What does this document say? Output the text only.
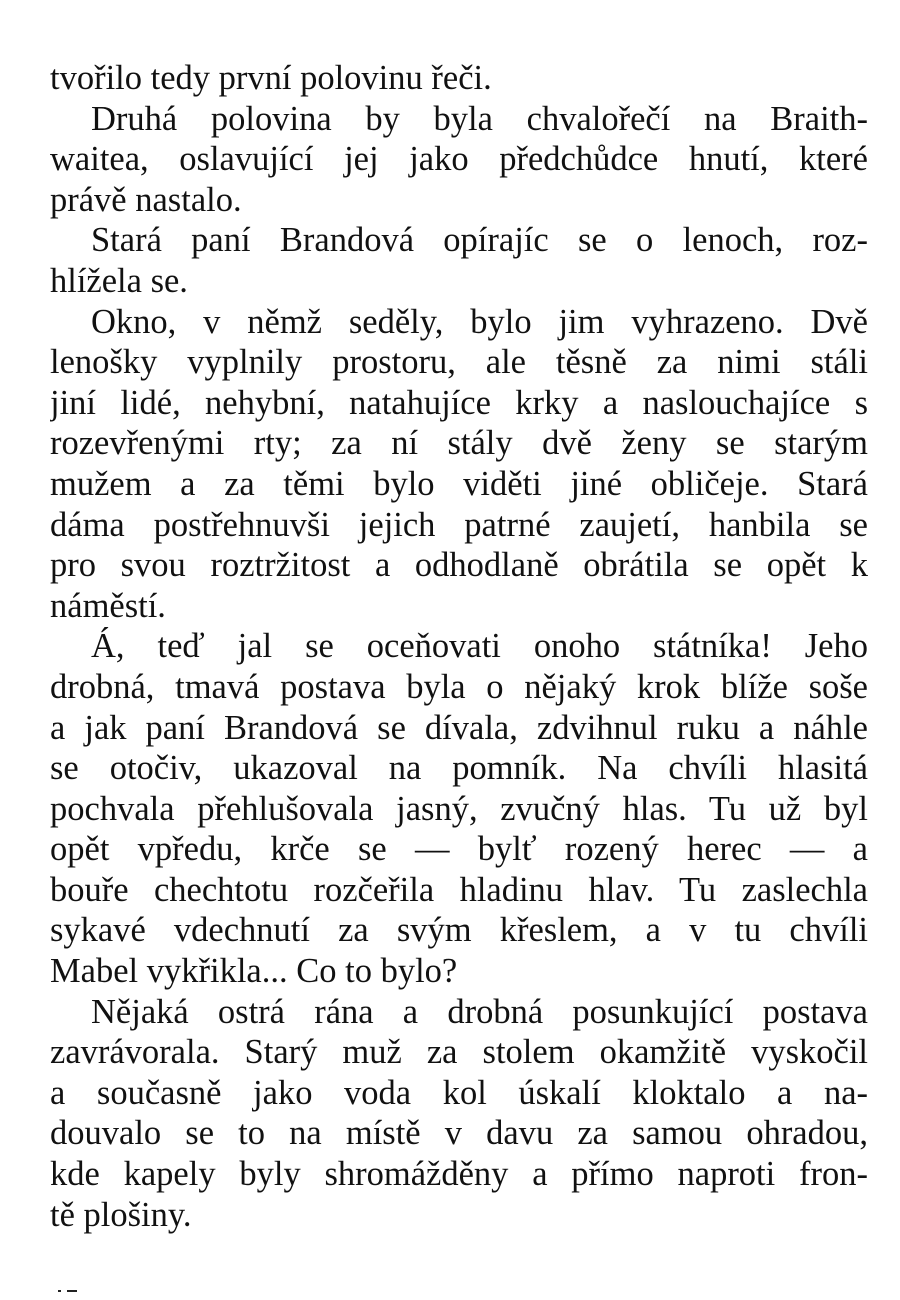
tvořilo tedy první polovinu řeči.
Druhá polovina by byla chvalořečí na Braith-
waitea, oslavující jej jako předchůdce hnutí, které
právě nastalo.
Stará paní Brandová opírajíc se o lenoch, roz-
hlížela se.
Okno, v němž seděly, bylo jim vyhrazeno. Dvě
lenošky vyplnily prostoru, ale těsně za nimi stáli
jiní lidé, nehybní, natahujíce krky a naslouchajíce s
rozevřenými rty; za ní stály dvě ženy se starým
mužem a za těmi bylo viděti jiné obličeje. Stará
dáma postřehnuvši jejich patrné zaujetí, hanbila se
pro svou roztržitost a odhodlaně obrátila se opět k
náměstí.
Á, teď jal se oceňovati onoho státníka! Jeho
drobná, tmavá postava byla o nějaký krok blíže soše
a jak paní Brandová se dívala, zdvihnul ruku a náhle
se otočiv, ukazoval na pomník. Na chvíli hlasitá
pochvala přehlušovala jasný, zvučný hlas. Tu už byl
opět vpředu, krče se — bylť rozený herec — a
bouře chechtotu rozčeřila hladinu hlav. Tu zaslechla
sykavé vdechnutí za svým křeslem, a v tu chvíli
Mabel vykřikla... Co to bylo?
Nějaká ostrá rána a drobná posunkující postava
zavrávorala. Starý muž za stolem okamžitě vyskočil
a současně jako voda kol úskalí kloktalo a na-
douvalo se to na místě v davu za samou ohradou,
kde kapely byly shromážděny a přímo naproti fron-
tě plošiny.
